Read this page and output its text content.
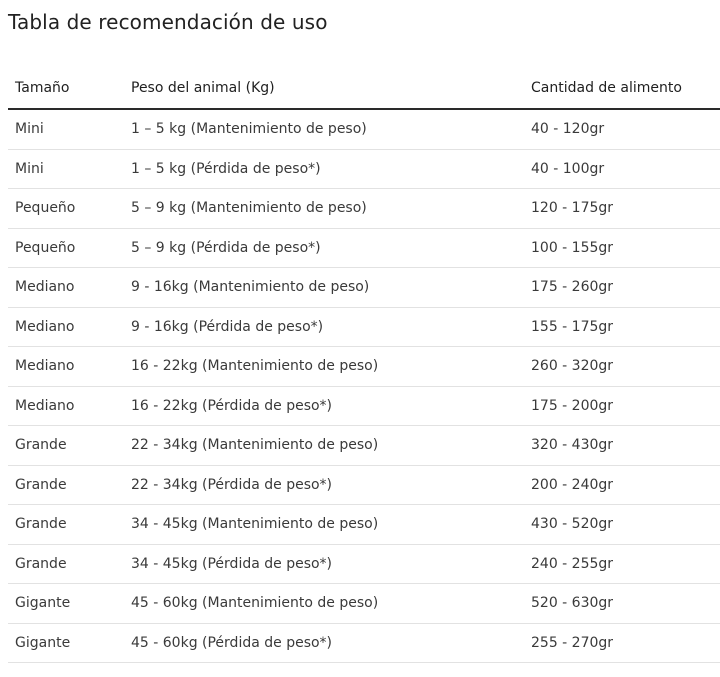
Tabla de recomendación de uso
Tamaño	Peso del animal (Kg)	Cantidad de alimento
Mini	1 – 5 kg (Mantenimiento de peso)	40 - 120gr
Mini	1 – 5 kg (Pérdida de peso*)	40 - 100gr
Pequeño	5 – 9 kg (Mantenimiento de peso)	120 - 175gr
Pequeño	5 – 9 kg (Pérdida de peso*)	100 - 155gr
Mediano	9 - 16kg (Mantenimiento de peso)	175 - 260gr
Mediano	9 - 16kg (Pérdida de peso*)	155 - 175gr
Mediano	16 - 22kg (Mantenimiento de peso)	260 - 320gr
Mediano	16 - 22kg (Pérdida de peso*)	175 - 200gr
Grande	22 - 34kg (Mantenimiento de peso)	320 - 430gr
Grande	22 - 34kg (Pérdida de peso*)	200 - 240gr
Grande	34 - 45kg (Mantenimiento de peso)	430 - 520gr
Grande	34 - 45kg (Pérdida de peso*)	240 - 255gr
Gigante	45 - 60kg (Mantenimiento de peso)	520 - 630gr
Gigante	45 - 60kg (Pérdida de peso*)	255 - 270gr
